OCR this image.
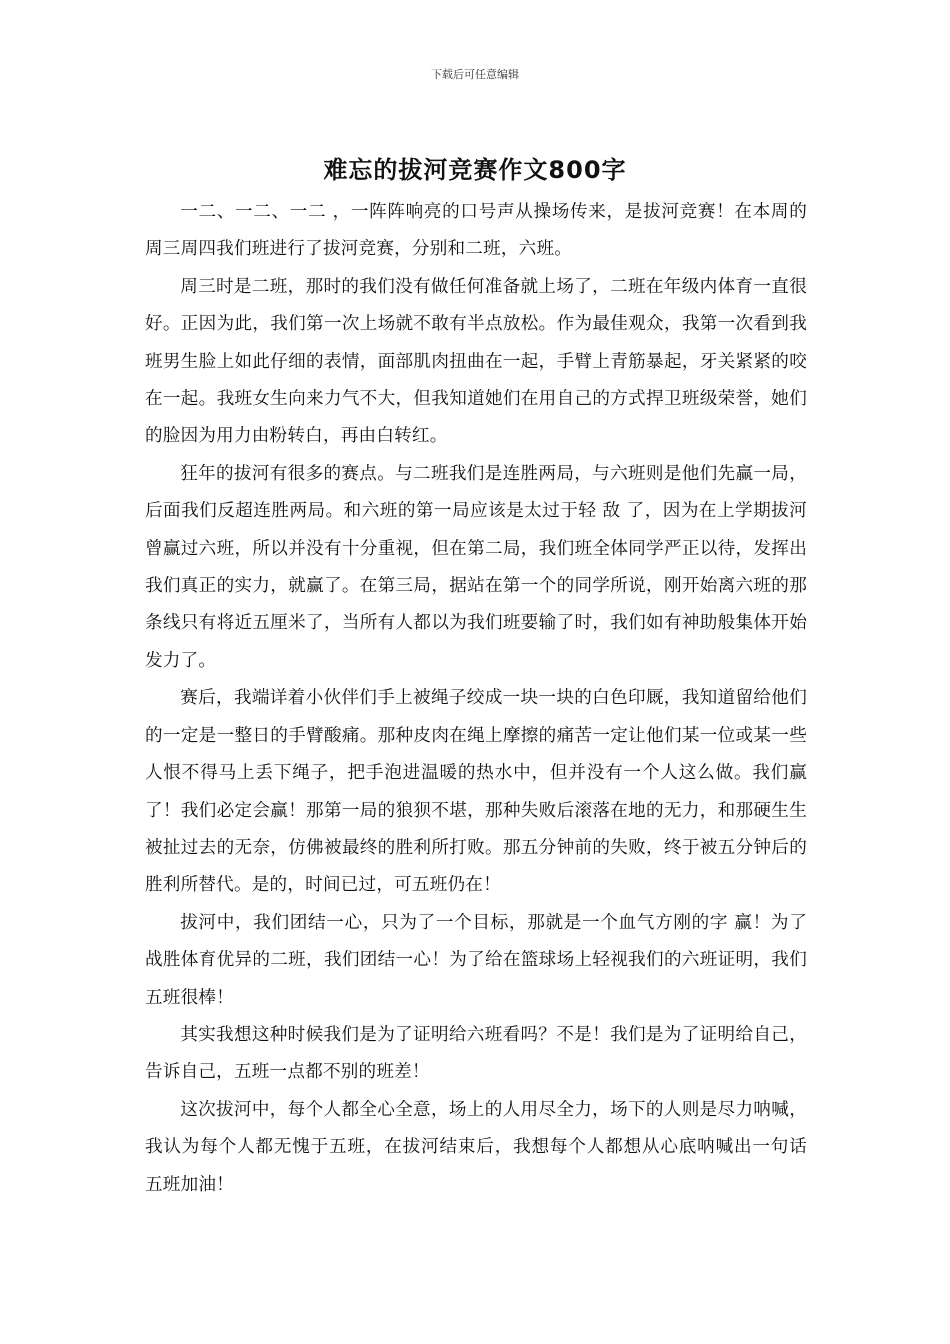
下载后可任意编辑
难忘的拔河竞赛作文800字

一二、一二、一二 ，一阵阵响亮的口号声从操场传来，是拔河竞赛！在本周的周三周四我们班进行了拔河竞赛，分别和二班，六班。

周三时是二班，那时的我们没有做任何准备就上场了，二班在年级内体育一直很好。正因为此，我们第一次上场就不敢有半点放松。作为最佳观众，我第一次看到我班男生脸上如此仔细的表情，面部肌肉扭曲在一起，手臂上青筋暴起，牙关紧紧的咬在一起。我班女生向来力气不大，但我知道她们在用自己的方式捍卫班级荣誉，她们的脸因为用力由粉转白，再由白转红。

狂年的拔河有很多的赛点。与二班我们是连胜两局，与六班则是他们先赢一局，后面我们反超连胜两局。和六班的第一局应该是太过于轻 敌 了，因为在上学期拔河曾赢过六班，所以并没有十分重视，但在第二局，我们班全体同学严正以待，发挥出我们真正的实力，就赢了。在第三局，据站在第一个的同学所说，刚开始离六班的那条线只有将近五厘米了，当所有人都以为我们班要输了时，我们如有神助般集体开始发力了。

赛后，我端详着小伙伴们手上被绳子绞成一块一块的白色印厩，我知道留给他们的一定是一整日的手臂酸痛。那种皮肉在绳上摩擦的痛苦一定让他们某一位或某一些人恨不得马上丢下绳子，把手泡进温暖的热水中，但并没有一个人这么做。我们赢了！我们必定会赢！那第一局的狼狈不堪，那种失败后滚落在地的无力，和那硬生生被扯过去的无奈，仿佛被最终的胜利所打败。那五分钟前的失败，终于被五分钟后的胜利所替代。是的，时间已过，可五班仍在！

拔河中，我们团结一心，只为了一个目标，那就是一个血气方刚的字 赢！为了战胜体育优异的二班，我们团结一心！为了给在篮球场上轻视我们的六班证明，我们五班很棒！

其实我想这种时候我们是为了证明给六班看吗？不是！我们是为了证明给自己，告诉自己，五班一点都不别的班差！

这次拔河中，每个人都全心全意，场上的人用尽全力，场下的人则是尽力呐喊，我认为每个人都无愧于五班，在拔河结束后，我想每个人都想从心底呐喊出一句话 五班加油！
